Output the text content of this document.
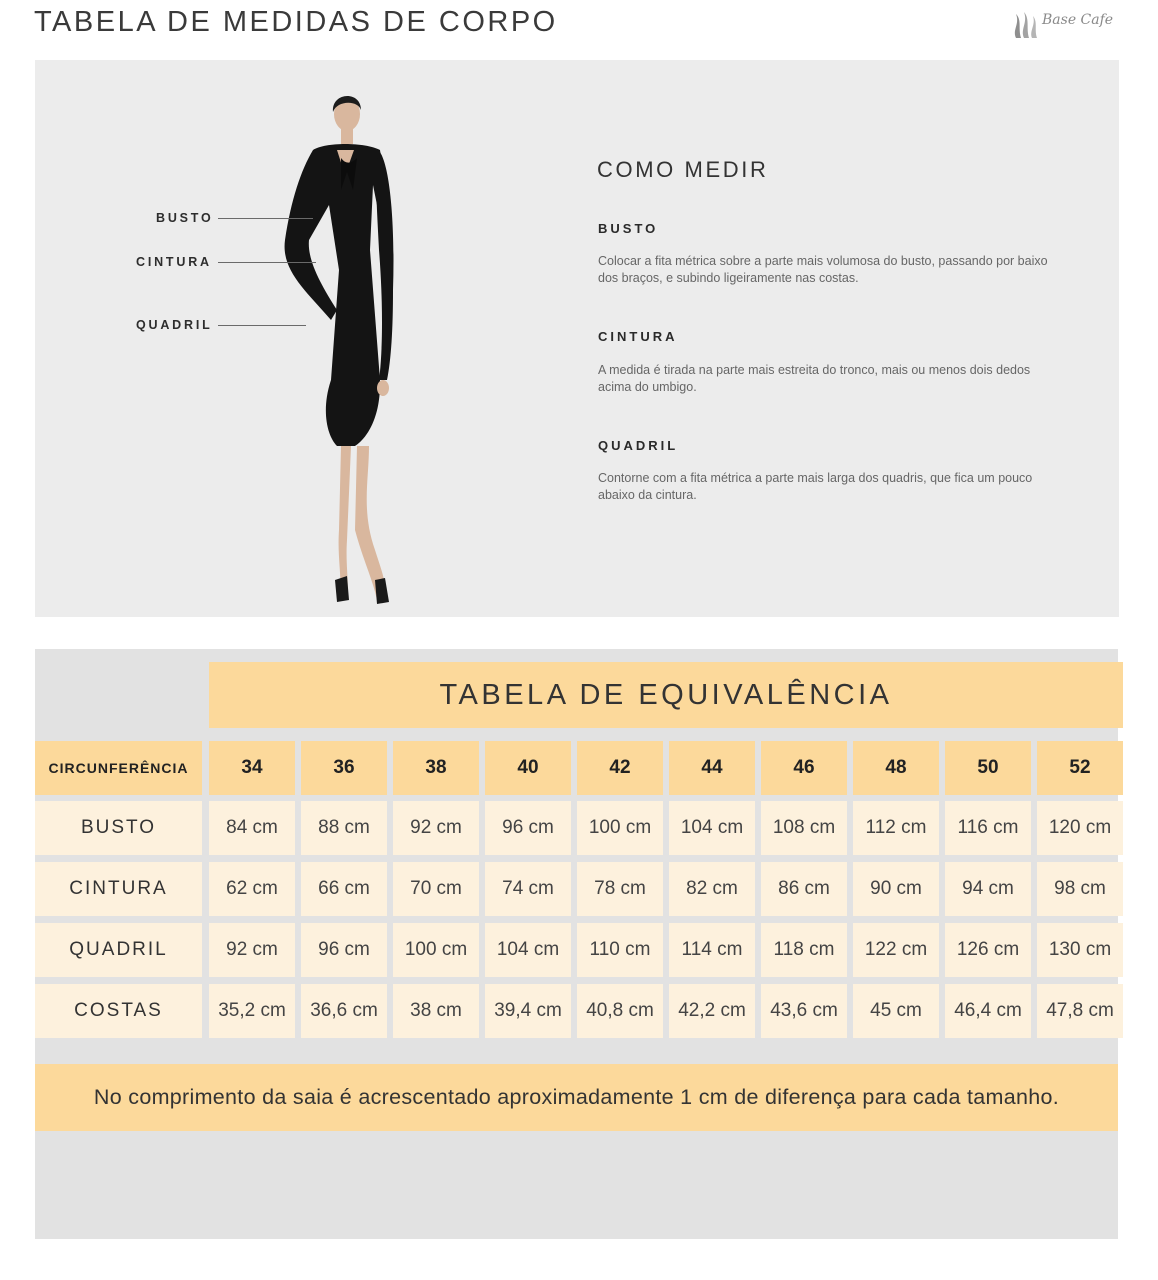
TABELA DE MEDIDAS DE CORPO	Base Cafe
BUSTO
CINTURA
QUADRIL
COMO MEDIR
BUSTO
Colocar a fita métrica sobre a parte mais volumosa do busto, passando por baixo dos braços, e subindo ligeiramente nas costas.
CINTURA
A medida é tirada na parte mais estreita do tronco, mais ou menos dois dedos acima do umbigo.
QUADRIL
Contorne com a fita métrica a parte mais larga dos quadris, que fica um pouco abaixo da cintura.
TABELA DE EQUIVALÊNCIA
CIRCUNFERÊNCIA	34	36	38	40	42	44	46	48	50	52
BUSTO	84 cm	88 cm	92 cm	96 cm	100 cm	104 cm	108 cm	112 cm	116 cm	120 cm
CINTURA	62 cm	66 cm	70 cm	74 cm	78 cm	82 cm	86 cm	90 cm	94 cm	98 cm
QUADRIL	92 cm	96 cm	100 cm	104 cm	110 cm	114 cm	118 cm	122 cm	126 cm	130 cm
COSTAS	35,2 cm	36,6 cm	38 cm	39,4 cm	40,8 cm	42,2 cm	43,6 cm	45 cm	46,4 cm	47,8 cm
No comprimento da saia é acrescentado aproximadamente 1 cm de diferença para cada tamanho.
